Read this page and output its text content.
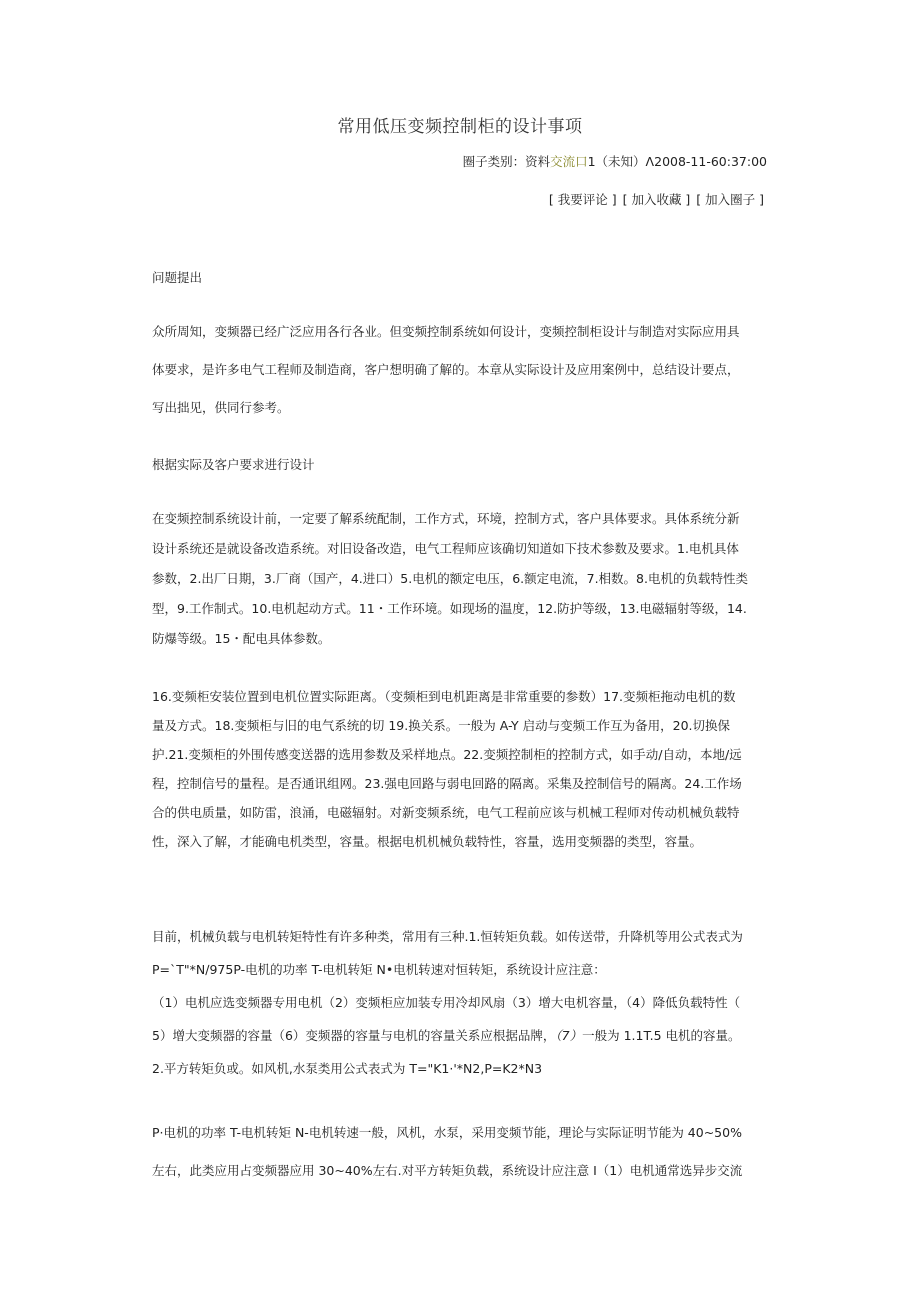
常用低压变频控制柜的设计事项
圈子类别：资料交流口1（未知）Λ2008-11-60:37:00
[ 我要评论 ] [ 加入收藏 ] [ 加入圈子 ]
问题提出
众所周知，变频器已经广泛应用各行各业。但变频控制系统如何设计，变频控制柜设计与制造对实际应用具
体要求，是许多电气工程师及制造商，客户想明确了解的。本章从实际设计及应用案例中，总结设计要点，
写出拙见，供同行参考。
根据实际及客户要求进行设计
在变频控制系统设计前，一定要了解系统配制，工作方式，环境，控制方式，客户具体要求。具体系统分新
设计系统还是就设备改造系统。对旧设备改造，电气工程师应该确切知道如下技术参数及要求。1.电机具体
参数，2.出厂日期，3.厂商（国产，4.进口）5.电机的额定电压，6.额定电流，7.相数。8.电机的负载特性类
型，9.工作制式。10.电机起动方式。11・工作环境。如现场的温度，12.防护等级，13.电磁辐射等级，14.
防爆等级。15・配电具体参数。
16.变频柜安装位置到电机位置实际距离。（变频柜到电机距离是非常重要的参数）17.变频柜拖动电机的数
量及方式。18.变频柜与旧的电气系统的切 19.换关系。一般为 A-Y 启动与变频工作互为备用，20.切换保
护.21.变频柜的外围传感变送器的选用参数及采样地点。22.变频控制柜的控制方式，如手动/自动，本地/远
程，控制信号的量程。是否通讯组网。23.强电回路与弱电回路的隔离。采集及控制信号的隔离。24.工作场
合的供电质量，如防雷，浪涌，电磁辐射。对新变频系统，电气工程前应该与机械工程师对传动机械负载特
性，深入了解，才能确电机类型，容量。根据电机机械负载特性，容量，选用变频器的类型，容量。
目前，机械负载与电机转矩特性有许多种类，常用有三种.1.恒转矩负载。如传送带，升降机等用公式表式为
P=`T"*N∕975P-电机的功率 T-电机转矩 N•电机转速对恒转矩，系统设计应注意：
（1）电机应选变频器专用电机（2）变频柜应加装专用冷却风扇（3）增大电机容量，（4）降低负载特性（
5）增大变频器的容量（6）变频器的容量与电机的容量关系应根据品牌，（7）一般为 1.1T.5 电机的容量。
2.平方转矩负或。如风机,水泵类用公式表式为 T="K1·'*N2,P=K2*N3
P·电机的功率 T-电机转矩 N-电机转速一般，风机，水泵，采用变频节能，理论与实际证明节能为 40~50%
左右，此类应用占变频器应用 30~40%左右.对平方转矩负载，系统设计应注意 I（1）电机通常选异步交流
